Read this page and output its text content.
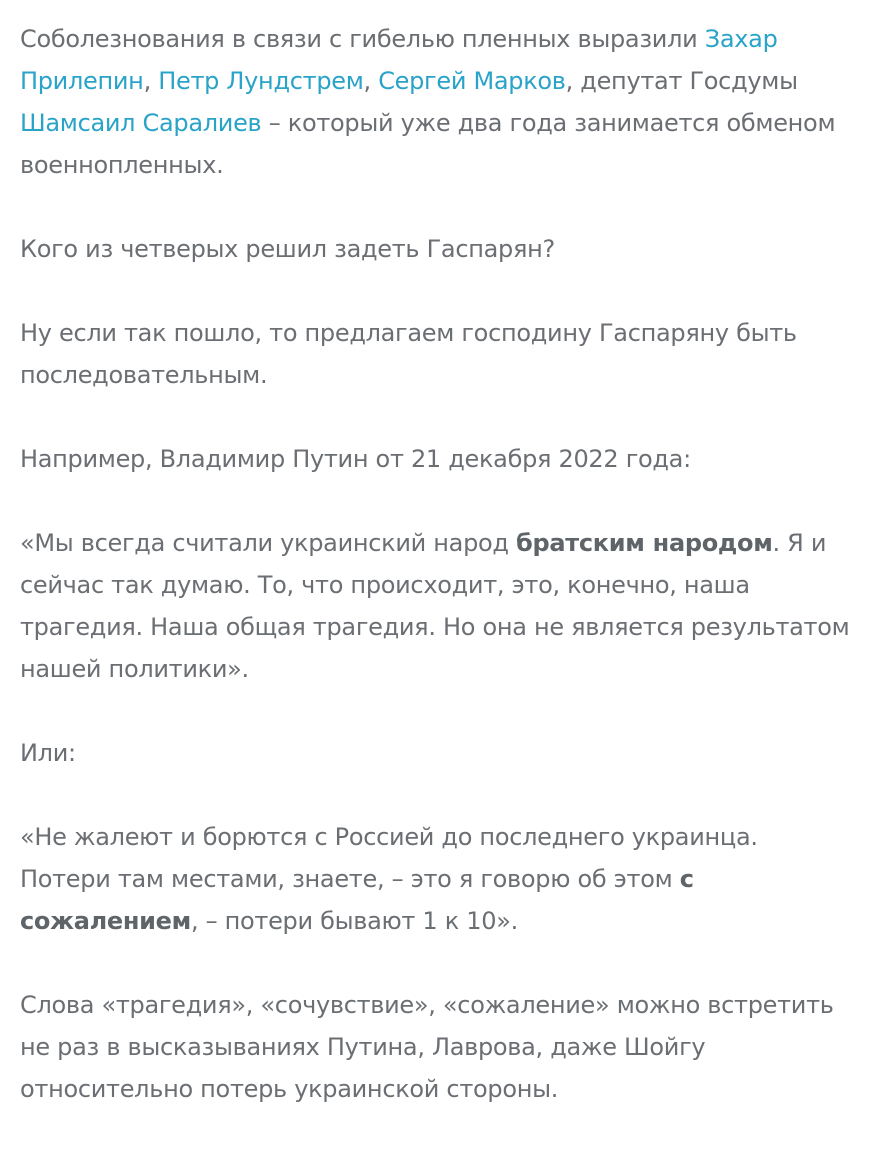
Соболезнования в связи с гибелью пленных выразили Захар Прилепин, Петр Лундстрем, Сергей Марков, депутат Госдумы Шамсаил Саралиев – который уже два года занимается обменом военнопленных.

Кого из четверых решил задеть Гаспарян?

Ну если так пошло, то предлагаем господину Гаспаряну быть последовательным.

Например, Владимир Путин от 21 декабря 2022 года:

«Мы всегда считали украинский народ братским народом. Я и сейчас так думаю. То, что происходит, это, конечно, наша трагедия. Наша общая трагедия. Но она не является результатом нашей политики».

Или:

«Не жалеют и борются с Россией до последнего украинца. Потери там местами, знаете, – это я говорю об этом с сожалением, – потери бывают 1 к 10».

Слова «трагедия», «сочувствие», «сожаление» можно встретить не раз в высказываниях Путина, Лаврова, даже Шойгу относительно потерь украинской стороны.
